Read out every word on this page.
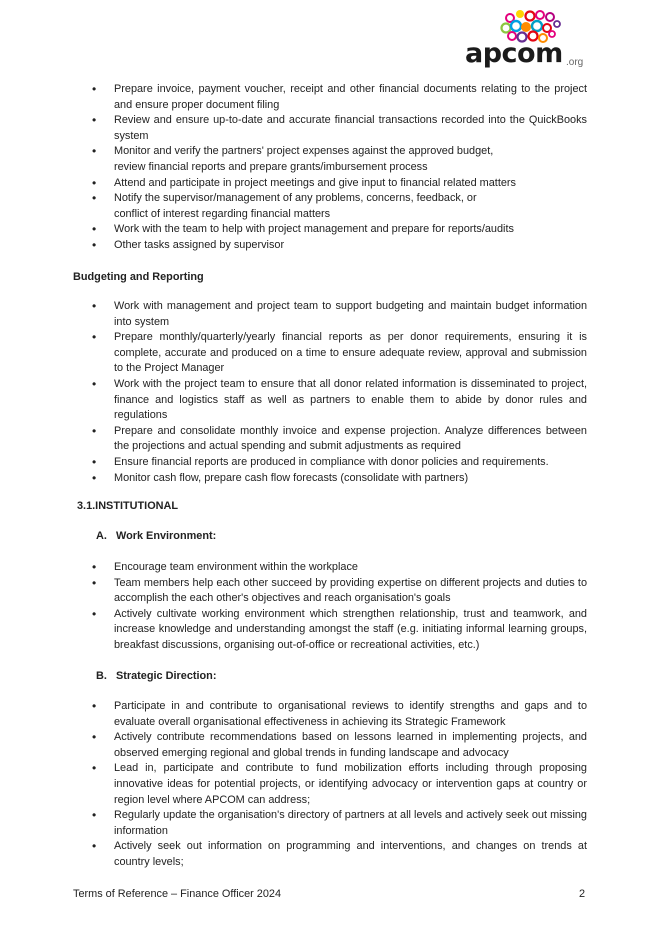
apcom .org
• Prepare invoice, payment voucher, receipt and other financial documents relating to the project and ensure proper document filing
• Review and ensure up-to-date and accurate financial transactions recorded into the QuickBooks system
• Monitor and verify the partners' project expenses against the approved budget,
review financial reports and prepare grants/imbursement process
• Attend and participate in project meetings and give input to financial related matters
• Notify the supervisor/management of any problems, concerns, feedback, or
conflict of interest regarding financial matters
• Work with the team to help with project management and prepare for reports/audits
• Other tasks assigned by supervisor
Budgeting and Reporting
• Work with management and project team to support budgeting and maintain budget information into system
• Prepare monthly/quarterly/yearly financial reports as per donor requirements, ensuring it is complete, accurate and produced on a time to ensure adequate review, approval and submission to the Project Manager
• Work with the project team to ensure that all donor related information is disseminated to project, finance and logistics staff as well as partners to enable them to abide by donor rules and regulations
• Prepare and consolidate monthly invoice and expense projection. Analyze differences between the projections and actual spending and submit adjustments as required
• Ensure financial reports are produced in compliance with donor policies and requirements.
• Monitor cash flow, prepare cash flow forecasts (consolidate with partners)
3.1.INSTITUTIONAL
A. Work Environment:
• Encourage team environment within the workplace
• Team members help each other succeed by providing expertise on different projects and duties to accomplish the each other's objectives and reach organisation's goals
• Actively cultivate working environment which strengthen relationship, trust and teamwork, and increase knowledge and understanding amongst the staff (e.g. initiating informal learning groups, breakfast discussions, organising out-of-office or recreational activities, etc.)
B. Strategic Direction:
• Participate in and contribute to organisational reviews to identify strengths and gaps and to evaluate overall organisational effectiveness in achieving its Strategic Framework
• Actively contribute recommendations based on lessons learned in implementing projects, and observed emerging regional and global trends in funding landscape and advocacy
• Lead in, participate and contribute to fund mobilization efforts including through proposing innovative ideas for potential projects, or identifying advocacy or intervention gaps at country or region level where APCOM can address;
• Regularly update the organisation's directory of partners at all levels and actively seek out missing information
• Actively seek out information on programming and interventions, and changes on trends at country levels;
Terms of Reference – Finance Officer 2024	2
